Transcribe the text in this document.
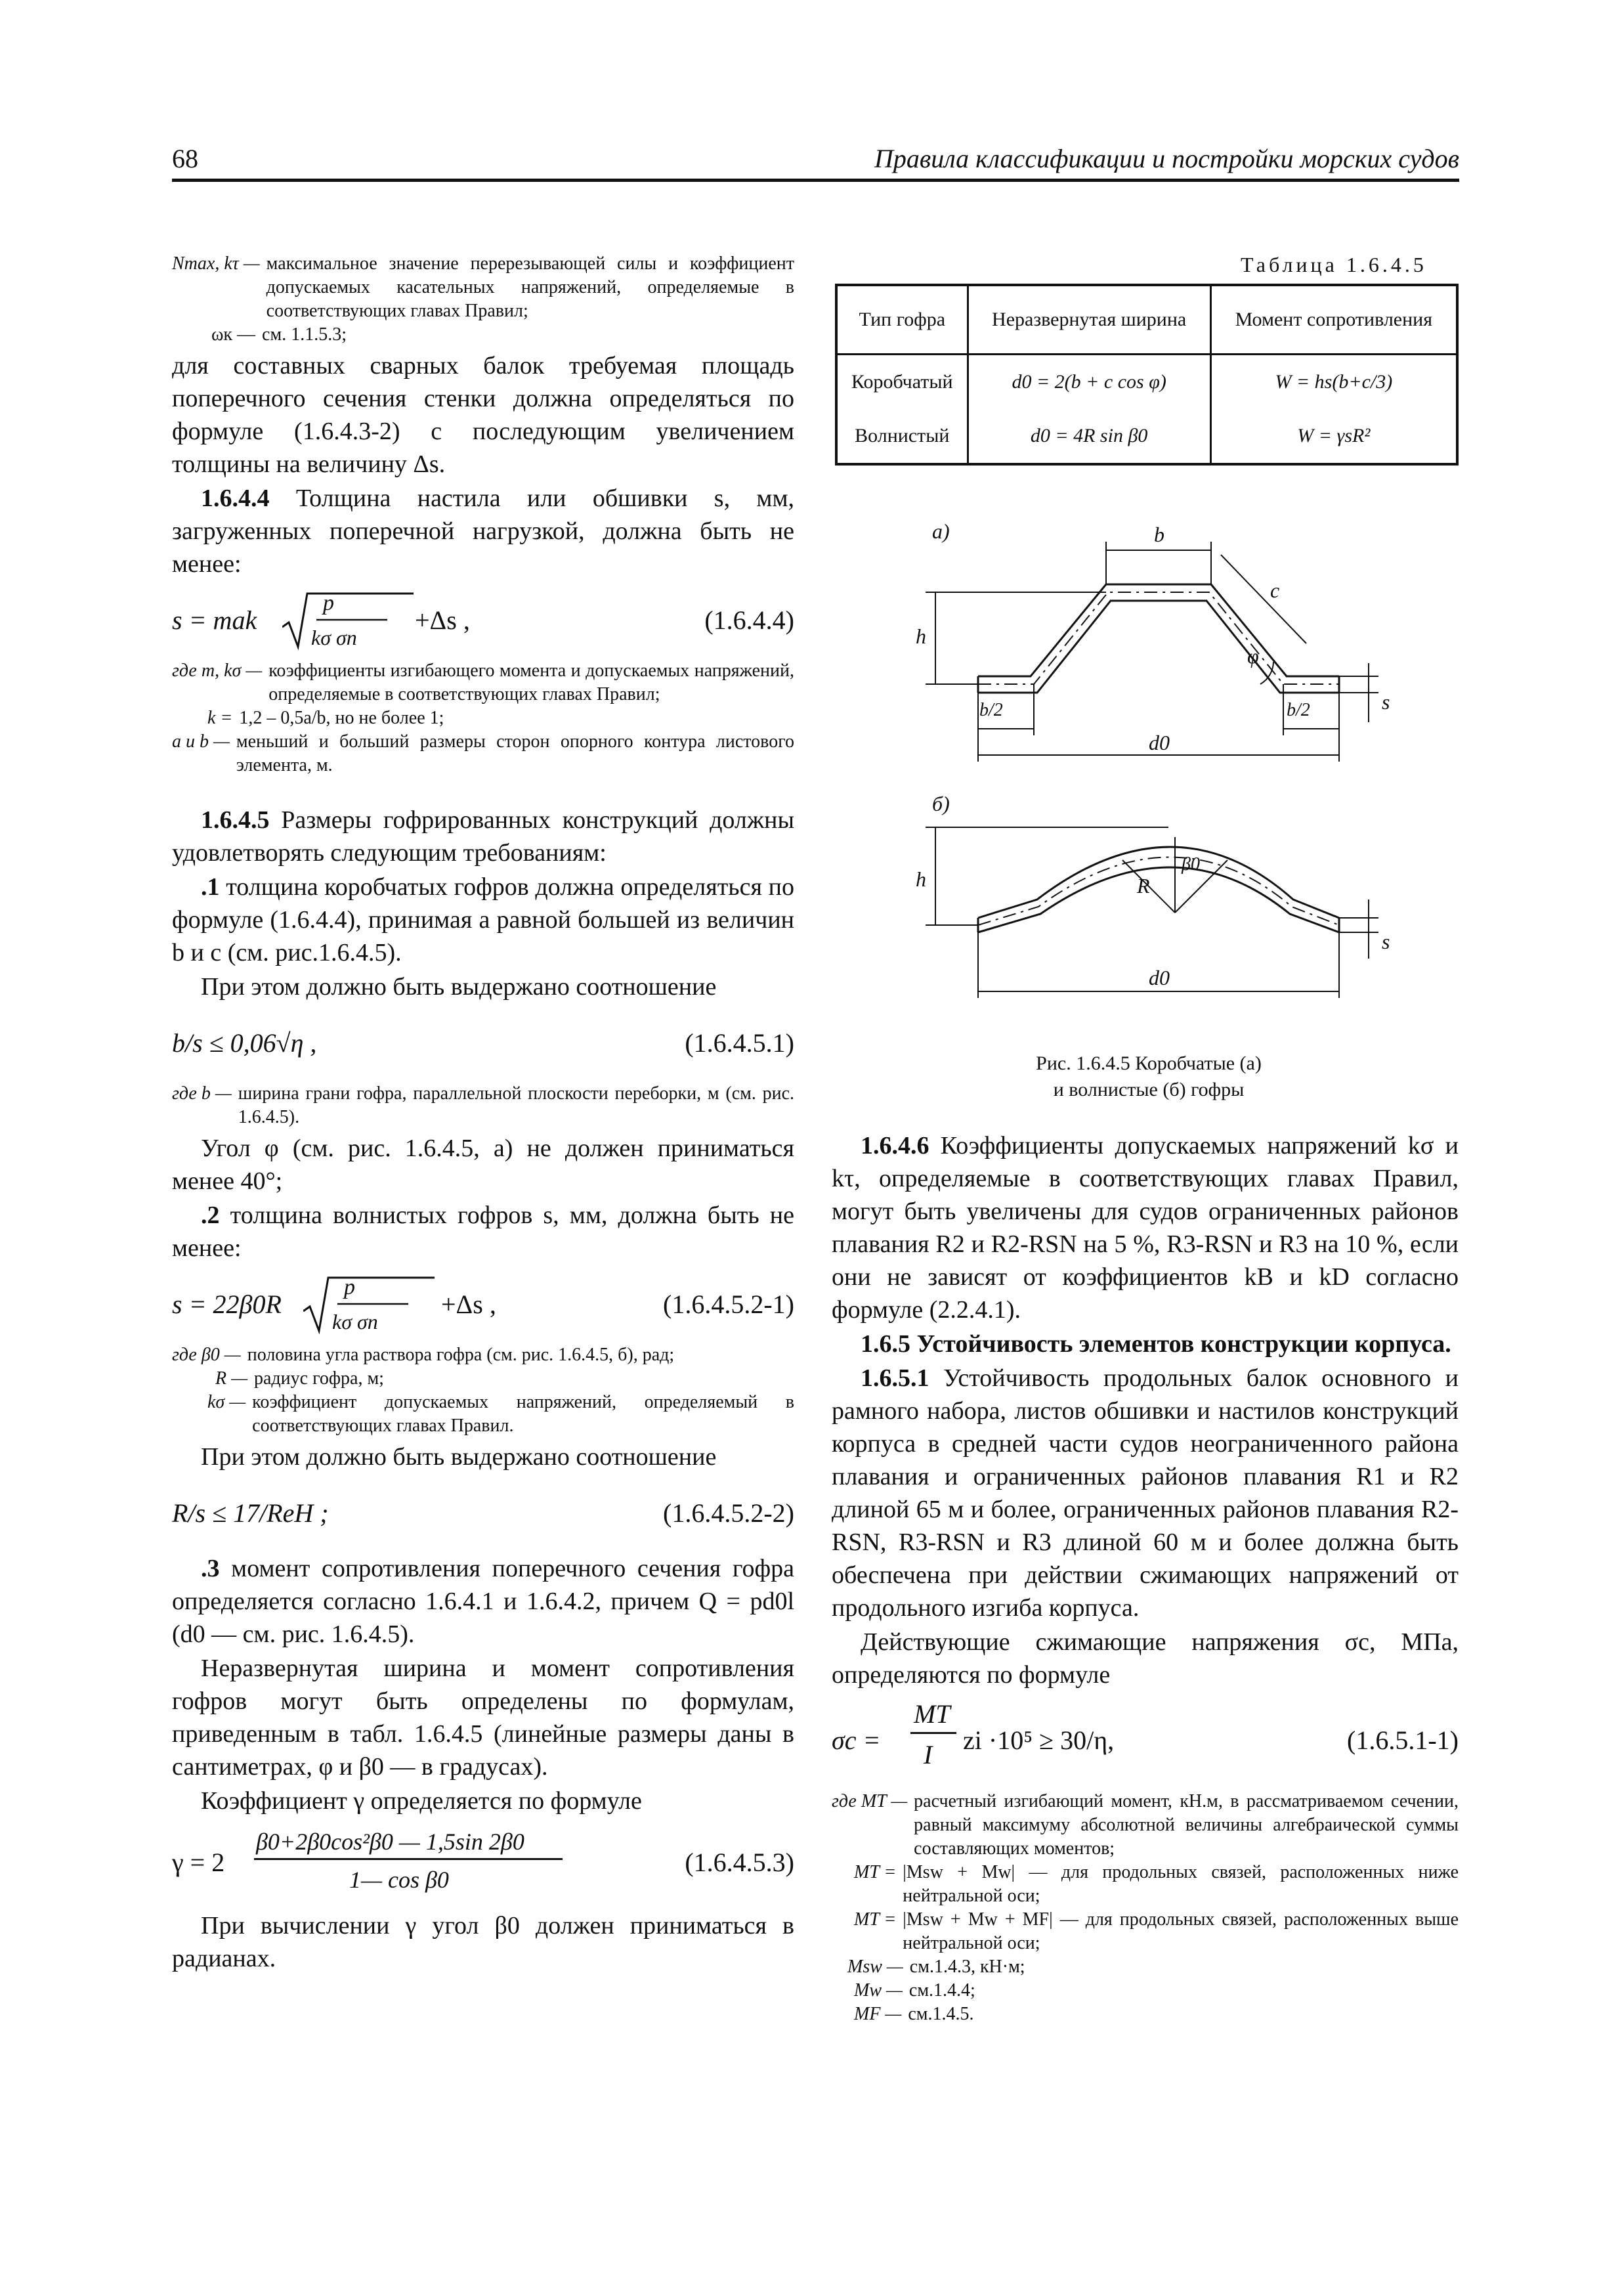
68	Правила классификации и постройки морских судов
Nmax, kτ — максимальное значение перерезывающей силы и коэффициент допускаемых касательных напряжений, определяемые в соответствующих главах Правил;
ωк — см. 1.1.5.3;

для составных сварных балок требуемая площадь поперечного сечения стенки должна определяться по формуле (1.6.4.3-2) с последующим увеличением толщины на величину Δs.

1.6.4.4 Толщина настила или обшивки s, мм, загруженных поперечной нагрузкой, должна быть не менее:

s = mak
p
kσ σn
+Δs ,	(1.6.4.4)
где m, kσ — коэффициенты изгибающего момента и допускаемых напряжений, определяемые в соответствующих главах Правил;
k = 1,2 – 0,5a/b, но не более 1;
a и b — меньший и больший размеры сторон опорного контура листового элемента, м.

1.6.4.5 Размеры гофрированных конструкций должны удовлетворять следующим требованиям:

.1 толщина коробчатых гофров должна определяться по формуле (1.6.4.4), принимая a равной большей из величин b и c (см. рис.1.6.4.5).

При этом должно быть выдержано соотношение

b/s ≤ 0,06√η ,	(1.6.4.5.1)
где b — ширина грани гофра, параллельной плоскости переборки, м (см. рис. 1.6.4.5).

Угол φ (см. рис. 1.6.4.5, а) не должен приниматься менее 40°;

.2 толщина волнистых гофров s, мм, должна быть не менее:

s = 22β0R
p
kσ σn
+Δs ,	(1.6.4.5.2-1)
где β0 — половина угла раствора гофра (см. рис. 1.6.4.5, б), рад;
R — радиус гофра, м;
kσ — коэффициент допускаемых напряжений, определяемый в соответствующих главах Правил.

При этом должно быть выдержано соотношение

R/s ≤ 17/ReH ;	(1.6.4.5.2-2)

.3 момент сопротивления поперечного сечения гофра определяется согласно 1.6.4.1 и 1.6.4.2, причем Q = pd0l (d0 — см. рис. 1.6.4.5).

Неразвернутая ширина и момент сопротивления гофров могут быть определены по формулам, приведенным в табл. 1.6.4.5 (линейные размеры даны в сантиметрах, φ и β0 — в градусах).

Коэффициент γ определяется по формуле

γ = 2
β0+2β0cos²β0 — 1,5sin 2β0
1— cos β0
(1.6.4.5.3)

При вычислении γ угол β0 должен приниматься в радианах.

Таблица 1.6.4.5
Тип гофра	Неразвернутая ширина	Момент сопротивления
Коробчатый	d0 = 2(b + c cos φ)	W = hs(b+c/3)
Волнистый	d0 = 4R sin β0	W = γsR²
а)	b
c
h
φ
b/2	b/2	s
d0
б)
h	R
β0
s
d0
Рис. 1.6.4.5 Коробчатые (а)
и волнистые (б) гофры

1.6.4.6 Коэффициенты допускаемых напряжений kσ и kτ, определяемые в соответствующих главах Правил, могут быть увеличены для судов ограниченных районов плавания R2 и R2-RSN на 5 %, R3-RSN и R3 на 10 %, если они не зависят от коэффициентов kB и kD согласно формуле (2.2.4.1).

1.6.5 Устойчивость элементов конструкции корпуса.

1.6.5.1 Устойчивость продольных балок основного и рамного набора, листов обшивки и настилов конструкций корпуса в средней части судов неограниченного района плавания и ограниченных районов плавания R1 и R2 длиной 65 м и более, ограниченных районов плавания R2-RSN, R3-RSN и R3 длиной 60 м и более должна быть обеспечена при действии сжимающих напряжений от продольного изгиба корпуса.

Действующие сжимающие напряжения σc, МПа, определяются по формуле

σc =
MT
I zi ·10⁵ ≥ 30/η,	(1.6.5.1-1)
где MT — расчетный изгибающий момент, кН.м, в рассматриваемом сечении, равный максимуму абсолютной величины алгебраической суммы составляющих моментов;
MT = |Msw + Mw| — для продольных связей, расположенных ниже нейтральной оси;
MT = |Msw + Mw + MF| — для продольных связей, расположенных выше нейтральной оси;
Msw — см.1.4.3, кН·м;
Mw — см.1.4.4;
MF — см.1.4.5.
